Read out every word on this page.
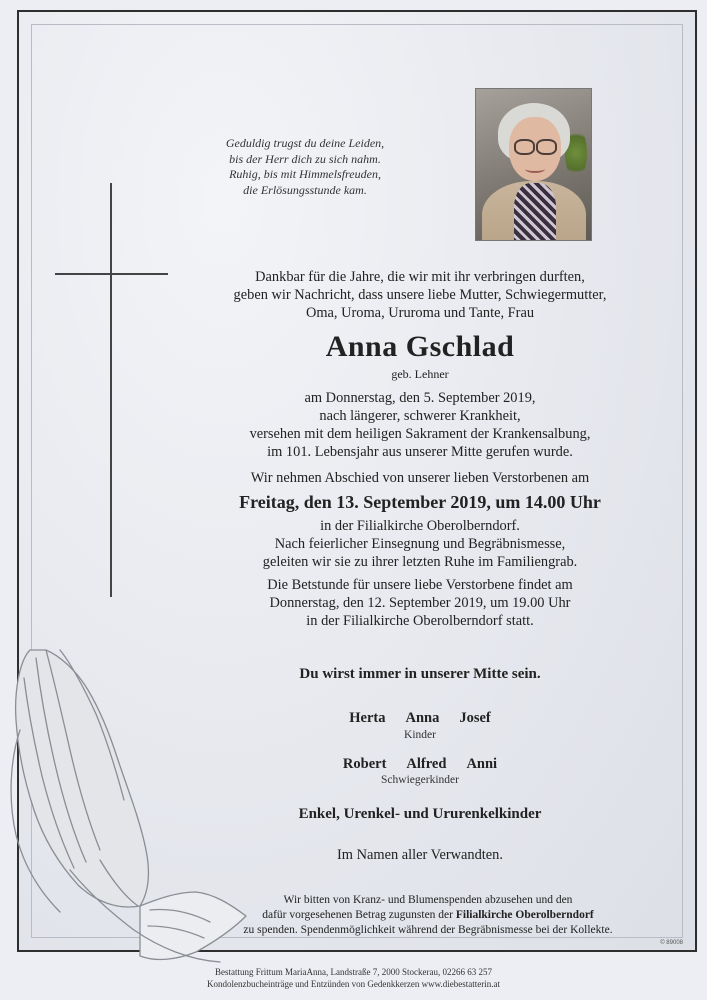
Geduldig trugst du deine Leiden,
bis der Herr dich zu sich nahm.
Ruhig, bis mit Himmelsfreuden,
die Erlösungsstunde kam.
Dankbar für die Jahre, die wir mit ihr verbringen durften,
geben wir Nachricht, dass unsere liebe Mutter, Schwiegermutter,
Oma, Uroma, Ururoma und Tante, Frau
Anna Gschlad
geb. Lehner
am Donnerstag, den 5. September 2019,
nach längerer, schwerer Krankheit,
versehen mit dem heiligen Sakrament der Krankensalbung,
im 101. Lebensjahr aus unserer Mitte gerufen wurde.
Wir nehmen Abschied von unserer lieben Verstorbenen am
Freitag, den 13. September 2019, um 14.00 Uhr
in der Filialkirche Oberolberndorf.
Nach feierlicher Einsegnung und Begräbnismesse,
geleiten wir sie zu ihrer letzten Ruhe im Familiengrab.
Die Betstunde für unsere liebe Verstorbene findet am
Donnerstag, den 12. September 2019, um 19.00 Uhr
in der Filialkirche Oberolberndorf statt.
Du wirst immer in unserer Mitte sein.
Herta Anna Josef
Kinder
Robert Alfred Anni
Schwiegerkinder
Enkel, Urenkel- und Ururenkelkinder
Im Namen aller Verwandten.
Wir bitten von Kranz- und Blumenspenden abzusehen und den
dafür vorgesehenen Betrag zugunsten der Filialkirche Oberolberndorf
zu spenden. Spendenmöglichkeit während der Begräbnismesse bei der Kollekte.
© 89008
Bestattung Frittum MariaAnna, Landstraße 7, 2000 Stockerau, 02266 63 257
Kondolenzbucheinträge und Entzünden von Gedenkkerzen www.diebestatterin.at
